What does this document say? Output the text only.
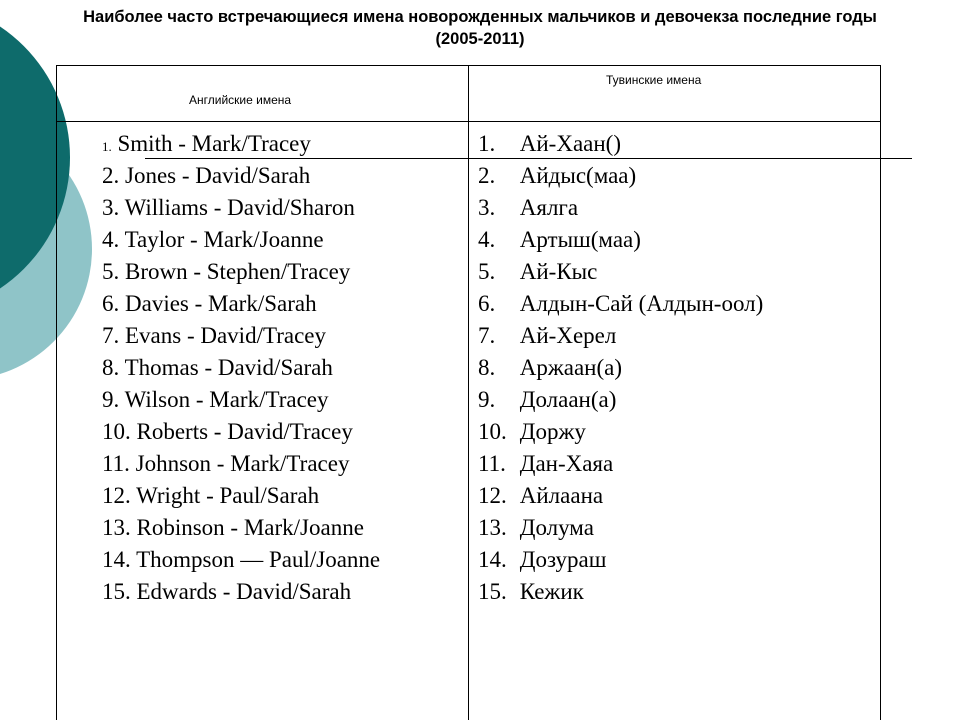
Наиболее часто встречающиеся имена новорожденных мальчиков и девочекза последние годы
(2005-2011)
Английские имена
Тувинские имена
1. Smith - Mark/Tracey
2. Jones - David/Sarah
3. Williams - David/Sharon
4. Taylor - Mark/Joanne
5. Brown - Stephen/Tracey
6. Davies - Mark/Sarah
7. Evans - David/Tracey
8. Thomas - David/Sarah
9. Wilson - Mark/Tracey
10. Roberts - David/Tracey
11. Johnson - Mark/Tracey
12. Wright - Paul/Sarah
13. Robinson - Mark/Joanne
14. Thompson — Paul/Joanne
15. Edwards - David/Sarah
1. Ай-Хаан()
2. Айдыс(маа)
3. Аялга
4. Артыш(маа)
5. Ай-Кыс
6. Алдын-Сай (Алдын-оол)
7. Ай-Херел
8. Аржаан(а)
9. Долаан(а)
10. Доржу
11. Дан-Хаяа
12. Айлаана
13. Долума
14. Дозураш
15. Кежик
